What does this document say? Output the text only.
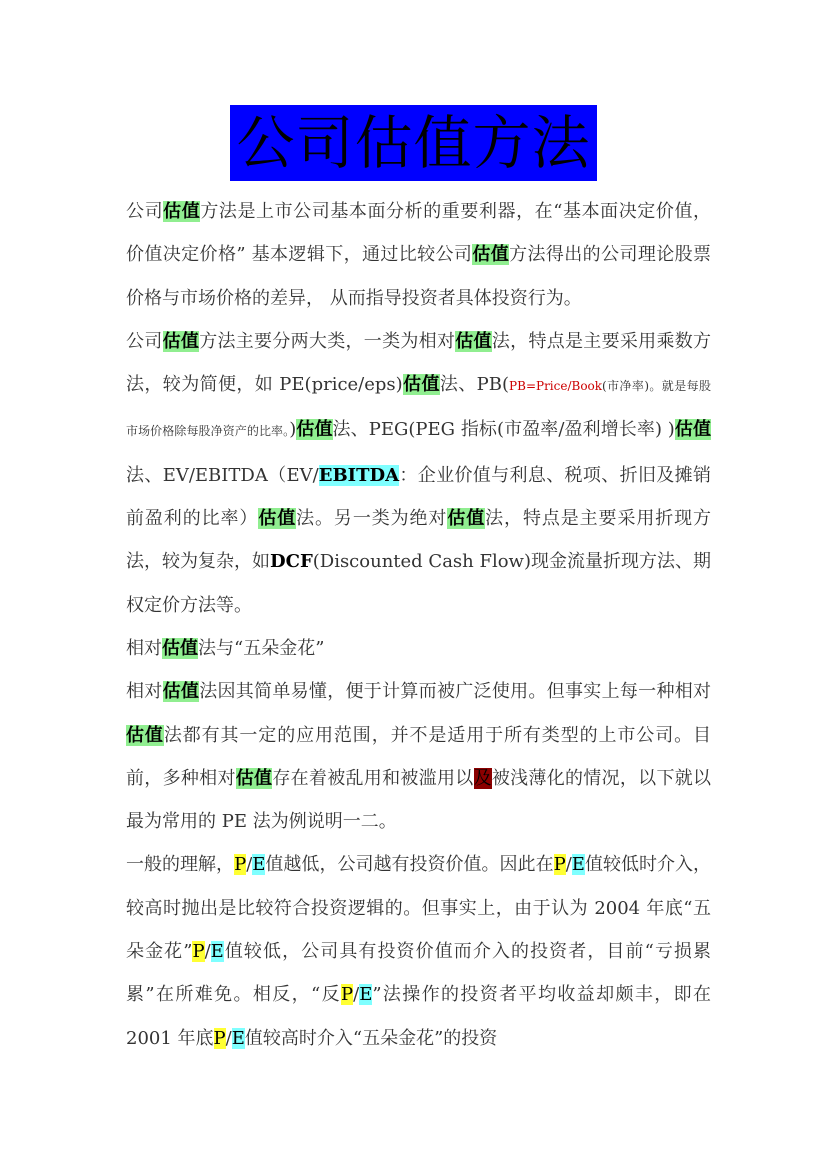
公司估值方法

公司估值方法是上市公司基本面分析的重要利器，在“基本面决定价值，价值决定价格” 基本逻辑下，通过比较公司估值方法得出的公司理论股票价格与市场价格的差异， 从而指导投资者具体投资行为。

公司估值方法主要分两大类，一类为相对估值法，特点是主要采用乘数方法，较为简便，如 PE(price/eps)估值法、PB(PB=Price/Book(市净率)。就是每股市场价格除每股净资产的比率。)估值法、PEG(PEG 指标(市盈率/盈利增长率) )估值法、EV/EBITDA（EV/EBITDA：企业价值与利息、税项、折旧及摊销前盈利的比率）估值法。另一类为绝对估值法，特点是主要采用折现方法，较为复杂，如DCF(Discounted Cash Flow)现金流量折现方法、期权定价方法等。

相对估值法与“五朵金花”

相对估值法因其简单易懂，便于计算而被广泛使用。但事实上每一种相对估值法都有其一定的应用范围，并不是适用于所有类型的上市公司。目前，多种相对估值存在着被乱用和被滥用以及被浅薄化的情况，以下就以最为常用的 PE 法为例说明一二。

一般的理解，P/E值越低，公司越有投资价值。因此在P/E值较低时介入，较高时抛出是比较符合投资逻辑的。但事实上，由于认为 2004 年底“五朵金花”P/E值较低，公司具有投资价值而介入的投资者，目前“亏损累累”在所难免。相反，“反P/E”法操作的投资者平均收益却颇丰，即在 2001 年底P/E值较高时介入“五朵金花”的投资
